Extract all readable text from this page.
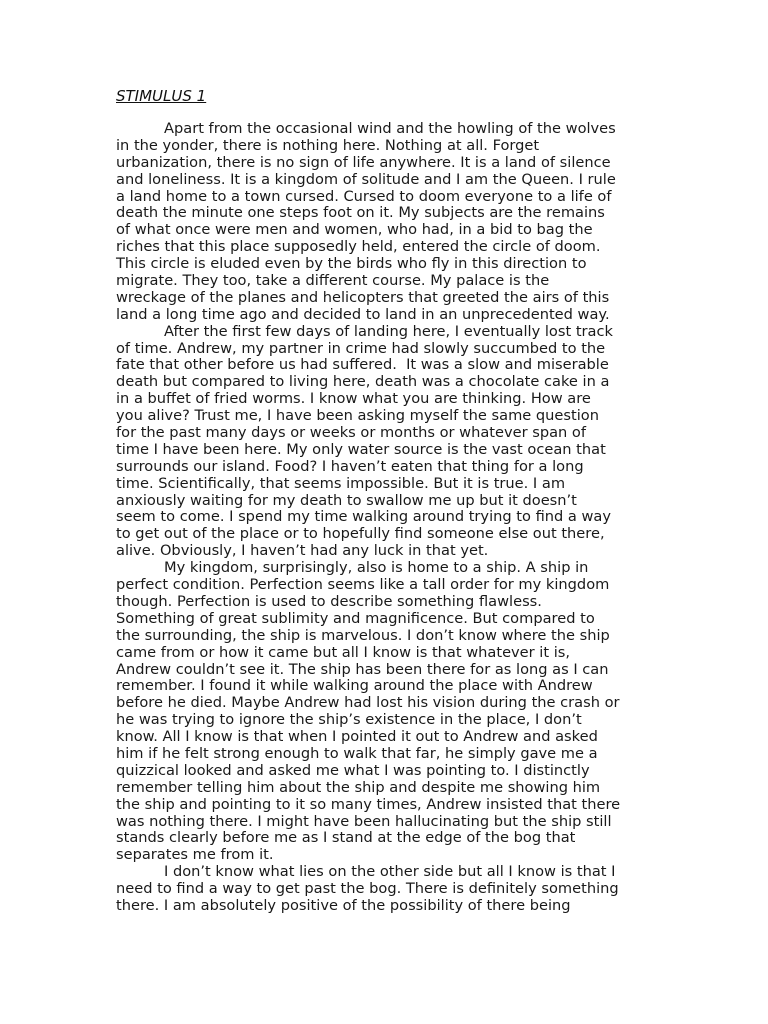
STIMULUS 1
Apart from the occasional wind and the howling of the wolves
in the yonder, there is nothing here. Nothing at all. Forget
urbanization, there is no sign of life anywhere. It is a land of silence
and loneliness. It is a kingdom of solitude and I am the Queen. I rule
a land home to a town cursed. Cursed to doom everyone to a life of
death the minute one steps foot on it. My subjects are the remains
of what once were men and women, who had, in a bid to bag the
riches that this place supposedly held, entered the circle of doom.
This circle is eluded even by the birds who fly in this direction to
migrate. They too, take a different course. My palace is the
wreckage of the planes and helicopters that greeted the airs of this
land a long time ago and decided to land in an unprecedented way.
After the first few days of landing here, I eventually lost track
of time. Andrew, my partner in crime had slowly succumbed to the
fate that other before us had suffered.  It was a slow and miserable
death but compared to living here, death was a chocolate cake in a
in a buffet of fried worms. I know what you are thinking. How are
you alive? Trust me, I have been asking myself the same question
for the past many days or weeks or months or whatever span of
time I have been here. My only water source is the vast ocean that
surrounds our island. Food? I haven’t eaten that thing for a long
time. Scientifically, that seems impossible. But it is true. I am
anxiously waiting for my death to swallow me up but it doesn’t
seem to come. I spend my time walking around trying to find a way
to get out of the place or to hopefully find someone else out there,
alive. Obviously, I haven’t had any luck in that yet.
My kingdom, surprisingly, also is home to a ship. A ship in
perfect condition. Perfection seems like a tall order for my kingdom
though. Perfection is used to describe something flawless.
Something of great sublimity and magnificence. But compared to
the surrounding, the ship is marvelous. I don’t know where the ship
came from or how it came but all I know is that whatever it is,
Andrew couldn’t see it. The ship has been there for as long as I can
remember. I found it while walking around the place with Andrew
before he died. Maybe Andrew had lost his vision during the crash or
he was trying to ignore the ship’s existence in the place, I don’t
know. All I know is that when I pointed it out to Andrew and asked
him if he felt strong enough to walk that far, he simply gave me a
quizzical looked and asked me what I was pointing to. I distinctly
remember telling him about the ship and despite me showing him
the ship and pointing to it so many times, Andrew insisted that there
was nothing there. I might have been hallucinating but the ship still
stands clearly before me as I stand at the edge of the bog that
separates me from it.
I don’t know what lies on the other side but all I know is that I
need to find a way to get past the bog. There is definitely something
there. I am absolutely positive of the possibility of there being
